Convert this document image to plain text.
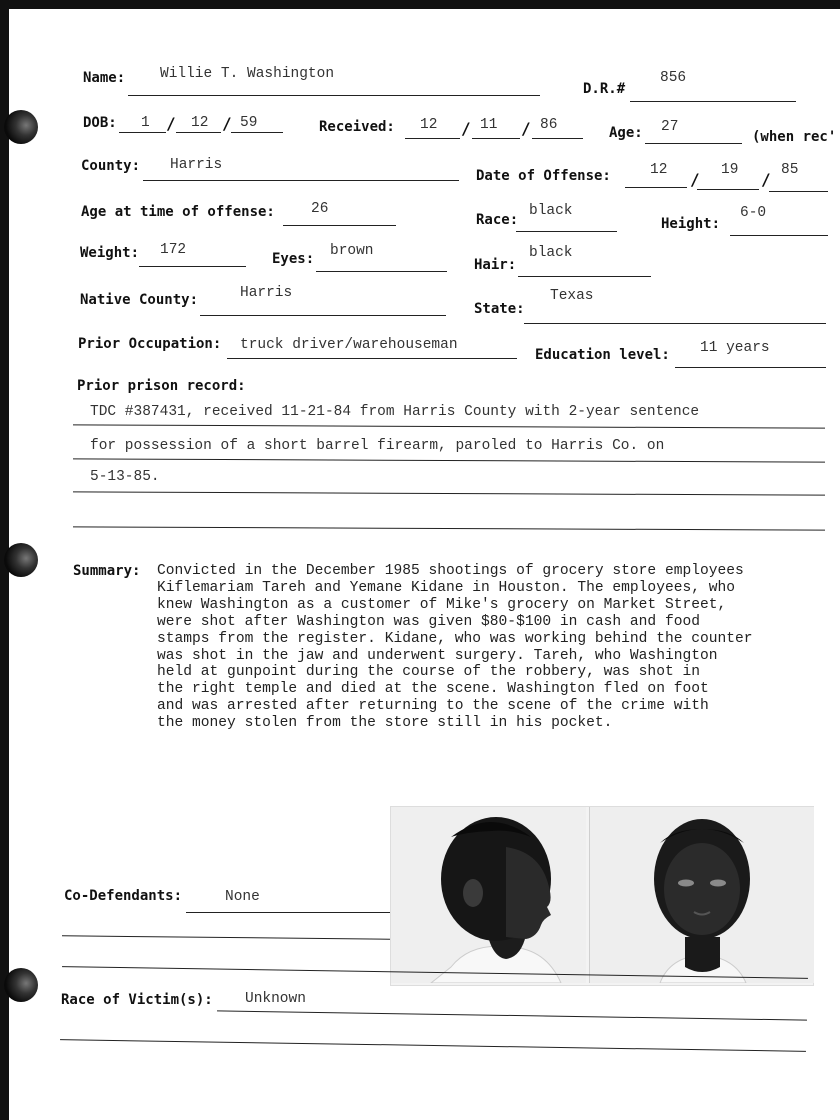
Name: Willie T. Washington
D.R.#
856
DOB: 1 / 12 / 59	Received: 12 / 11 / 86	Age: 27
(when rec'
County: Harris
Date of Offense:	12 / 19 / 85
Age at time of offense: 26
Race:
black
Height:
6-0
Weight: 172
Eyes: brown
Hair:
black
Native County:	Harris
State:
Texas
Prior Occupation: truck driver/warehouseman
Education level: 11 years
Prior prison record:
TDC #387431, received 11-21-84 from Harris County with 2-year sentence
for possession of a short barrel firearm, paroled to Harris Co. on
5-13-85.
Summary: Convicted in the December 1985 shootings of grocery store employees
Kiflemariam Tareh and Yemane Kidane in Houston. The employees, who
knew Washington as a customer of Mike's grocery on Market Street,
were shot after Washington was given $80-$100 in cash and food
stamps from the register. Kidane, who was working behind the counter
was shot in the jaw and underwent surgery. Tareh, who Washington
held at gunpoint during the course of the robbery, was shot in
the right temple and died at the scene. Washington fled on foot
and was arrested after returning to the scene of the crime with
the money stolen from the store still in his pocket.
Co-Defendants:	None
Race of Victim(s): Unknown
